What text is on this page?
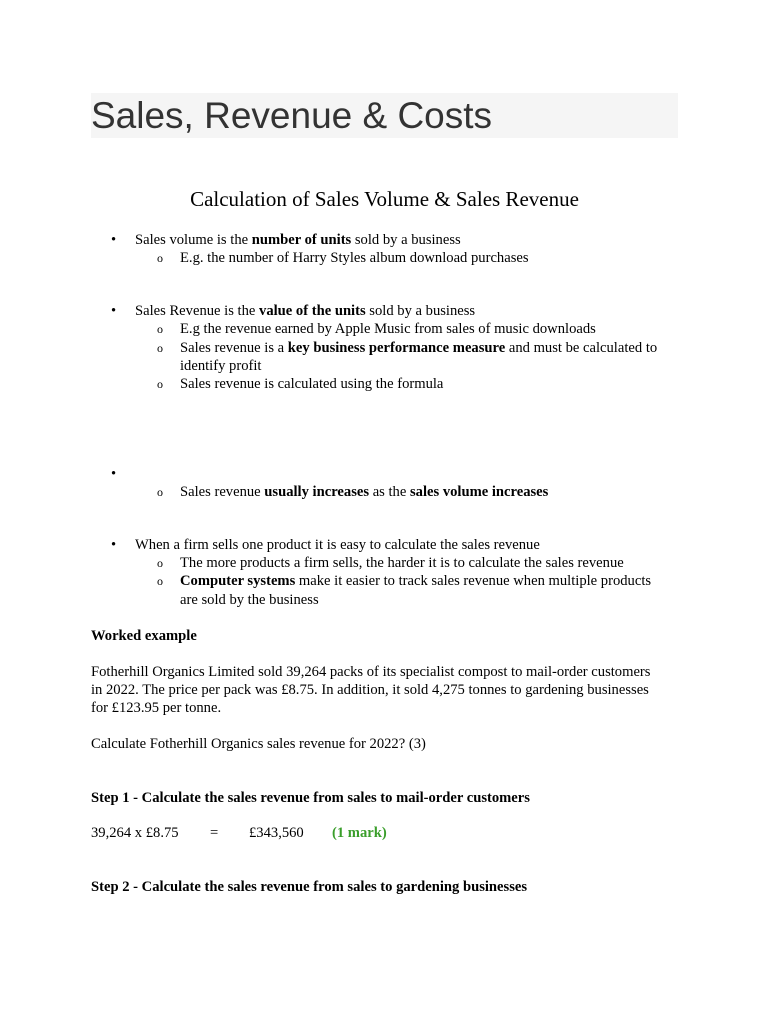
Sales, Revenue & Costs
Calculation of Sales Volume & Sales Revenue
• Sales volume is the number of units sold by a business
o E.g. the number of Harry Styles album download purchases
• Sales Revenue is the value of the units sold by a business
o E.g the revenue earned by Apple Music from sales of music downloads
o Sales revenue is a key business performance measure and must be calculated to
identify profit
o Sales revenue is calculated using the formula
•
o Sales revenue usually increases as the sales volume increases
• When a firm sells one product it is easy to calculate the sales revenue
o The more products a firm sells, the harder it is to calculate the sales revenue
o Computer systems make it easier to track sales revenue when multiple products
are sold by the business
Worked example
Fotherhill Organics Limited sold 39,264 packs of its specialist compost to mail-order customers
in 2022. The price per pack was £8.75. In addition, it sold 4,275 tonnes to gardening businesses
for £123.95 per tonne.
Calculate Fotherhill Organics sales revenue for 2022? (3)
Step 1 - Calculate the sales revenue from sales to mail-order customers
39,264 x £8.75 = £343,560 (1 mark)
Step 2 - Calculate the sales revenue from sales to gardening businesses
